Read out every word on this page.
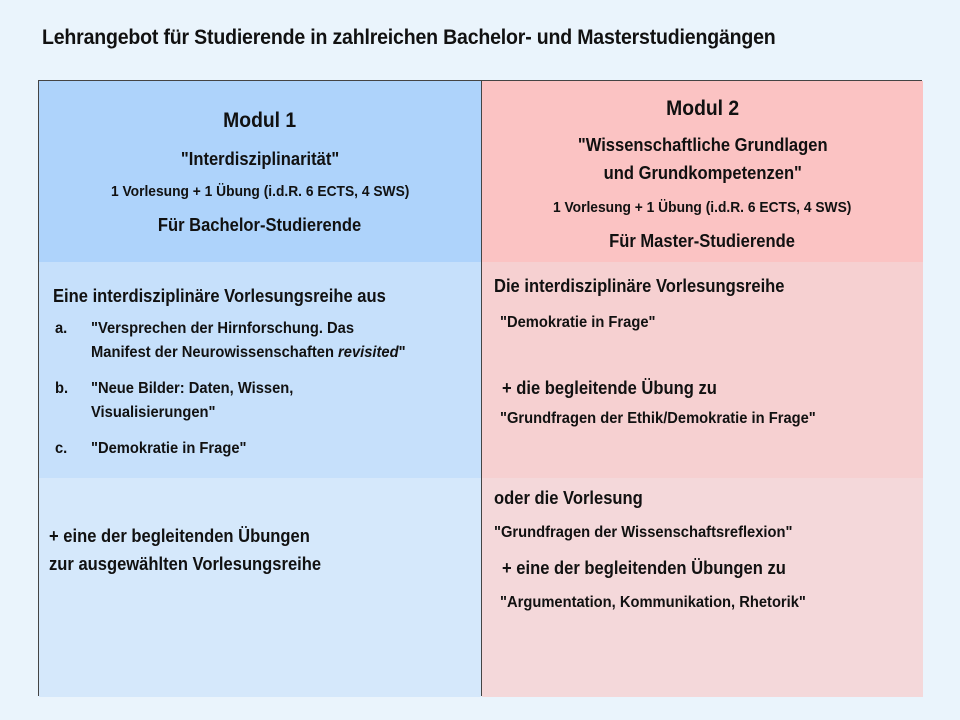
Lehrangebot für Studierende in zahlreichen Bachelor- und Masterstudiengängen
Modul 1
"Interdisziplinarität"
1 Vorlesung + 1 Übung (i.d.R. 6 ECTS, 4 SWS)
Für Bachelor-Studierende
Eine interdisziplinäre Vorlesungsreihe aus
a. "Versprechen der Hirnforschung. Das
Manifest der Neurowissenschaften revisited"
b. "Neue Bilder: Daten, Wissen,
Visualisierungen"
c. "Demokratie in Frage"
+ eine der begleitenden Übungen
zur ausgewählten Vorlesungsreihe
Modul 2
"Wissenschaftliche Grundlagen
und Grundkompetenzen"
1 Vorlesung + 1 Übung (i.d.R. 6 ECTS, 4 SWS)
Für Master-Studierende
Die interdisziplinäre Vorlesungsreihe
"Demokratie in Frage"
+ die begleitende Übung zu
"Grundfragen der Ethik/Demokratie in Frage"
oder die Vorlesung
"Grundfragen der Wissenschaftsreflexion"
+ eine der begleitenden Übungen zu
"Argumentation, Kommunikation, Rhetorik"
